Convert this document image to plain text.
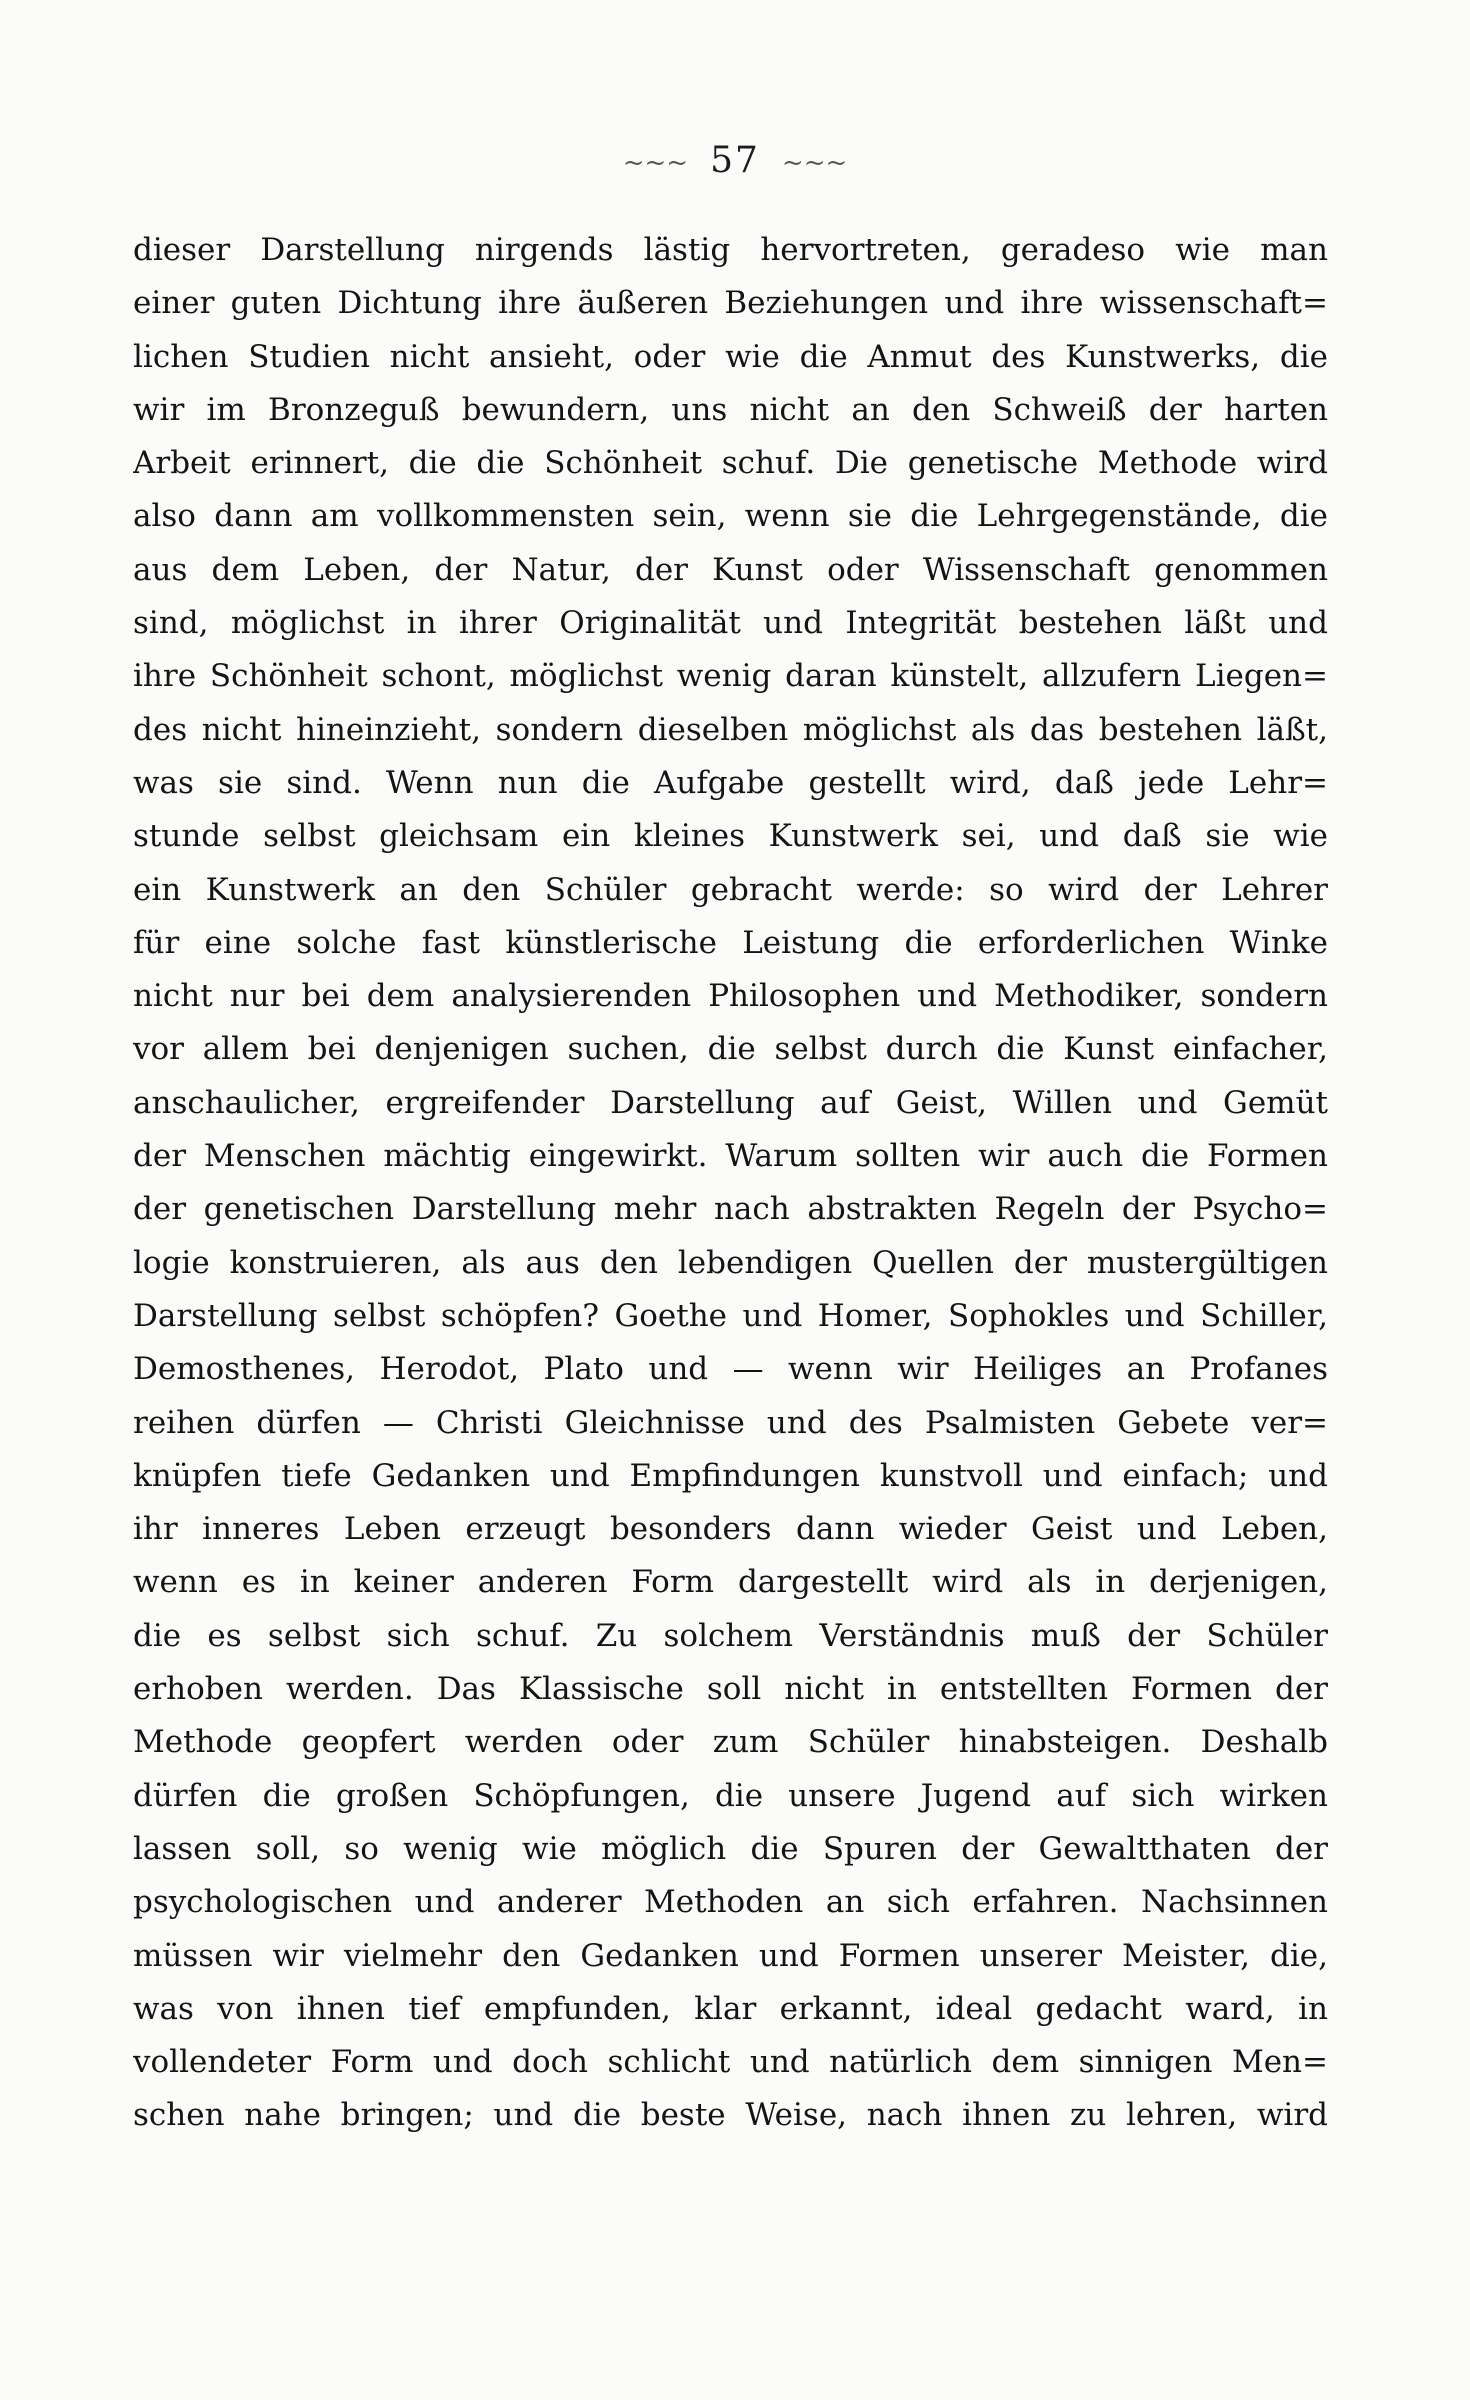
~~~ 57 ~~~
dieser Darstellung nirgends lästig hervortreten, geradeso wie man
einer guten Dichtung ihre äußeren Beziehungen und ihre wissenschaft=
lichen Studien nicht ansieht, oder wie die Anmut des Kunstwerks, die
wir im Bronzeguß bewundern, uns nicht an den Schweiß der harten
Arbeit erinnert, die die Schönheit schuf. Die genetische Methode wird
also dann am vollkommensten sein, wenn sie die Lehrgegenstände, die
aus dem Leben, der Natur, der Kunst oder Wissenschaft genommen
sind, möglichst in ihrer Originalität und Integrität bestehen läßt und
ihre Schönheit schont, möglichst wenig daran künstelt, allzufern Liegen=
des nicht hineinzieht, sondern dieselben möglichst als das bestehen läßt,
was sie sind. Wenn nun die Aufgabe gestellt wird, daß jede Lehr=
stunde selbst gleichsam ein kleines Kunstwerk sei, und daß sie wie
ein Kunstwerk an den Schüler gebracht werde: so wird der Lehrer
für eine solche fast künstlerische Leistung die erforderlichen Winke
nicht nur bei dem analysierenden Philosophen und Methodiker, sondern
vor allem bei denjenigen suchen, die selbst durch die Kunst einfacher,
anschaulicher, ergreifender Darstellung auf Geist, Willen und Gemüt
der Menschen mächtig eingewirkt. Warum sollten wir auch die Formen
der genetischen Darstellung mehr nach abstrakten Regeln der Psycho=
logie konstruieren, als aus den lebendigen Quellen der mustergültigen
Darstellung selbst schöpfen? Goethe und Homer, Sophokles und Schiller,
Demosthenes, Herodot, Plato und — wenn wir Heiliges an Profanes
reihen dürfen — Christi Gleichnisse und des Psalmisten Gebete ver=
knüpfen tiefe Gedanken und Empfindungen kunstvoll und einfach; und
ihr inneres Leben erzeugt besonders dann wieder Geist und Leben,
wenn es in keiner anderen Form dargestellt wird als in derjenigen,
die es selbst sich schuf. Zu solchem Verständnis muß der Schüler
erhoben werden. Das Klassische soll nicht in entstellten Formen der
Methode geopfert werden oder zum Schüler hinabsteigen. Deshalb
dürfen die großen Schöpfungen, die unsere Jugend auf sich wirken
lassen soll, so wenig wie möglich die Spuren der Gewaltthaten der
psychologischen und anderer Methoden an sich erfahren. Nachsinnen
müssen wir vielmehr den Gedanken und Formen unserer Meister, die,
was von ihnen tief empfunden, klar erkannt, ideal gedacht ward, in
vollendeter Form und doch schlicht und natürlich dem sinnigen Men=
schen nahe bringen; und die beste Weise, nach ihnen zu lehren, wird
